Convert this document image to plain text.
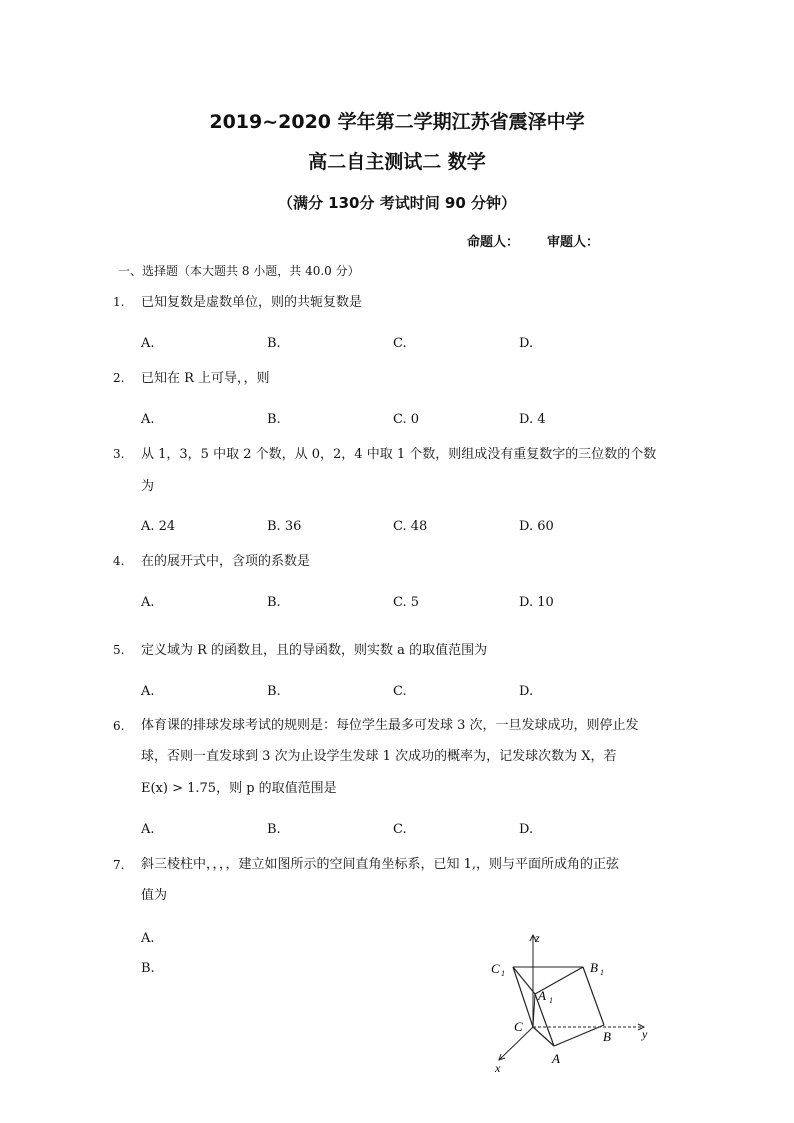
2019~2020 学年第二学期江苏省震泽中学
高二自主测试二 数学
（满分 130分 考试时间 90 分钟）
命题人： 审题人：
一、选择题（本大题共 8 小题，共 40.0 分）
1. 已知复数是虚数单位，则的共轭复数是
A.	B.	C.	D.
2. 已知在 R 上可导，，则
A.	B.	C. 0	D. 4
3. 从 1，3，5 中取 2 个数，从 0，2，4 中取 1 个数，则组成没有重复数字的三位数的个数
为
A. 24	B. 36	C. 48	D. 60
4. 在的展开式中，含项的系数是
A.	B.	C. 5	D. 10
5. 定义域为 R 的函数且，且的导函数，则实数 a 的取值范围为
A.	B.	C.	D.
6. 体育课的排球发球考试的规则是：每位学生最多可发球 3 次，一旦发球成功，则停止发
球，否则一直发球到 3 次为止设学生发球 1 次成功的概率为，记发球次数为 X，若
E(x) > 1.75，则 p 的取值范围是
A.	B.	C.	D.
7. 斜三棱柱中，，，，建立如图所示的空间直角坐标系，已知 1,，则与平面所成角的正弦
值为
A.
B.
z
C 1	B 1
A 1
C
B
A
y
x
